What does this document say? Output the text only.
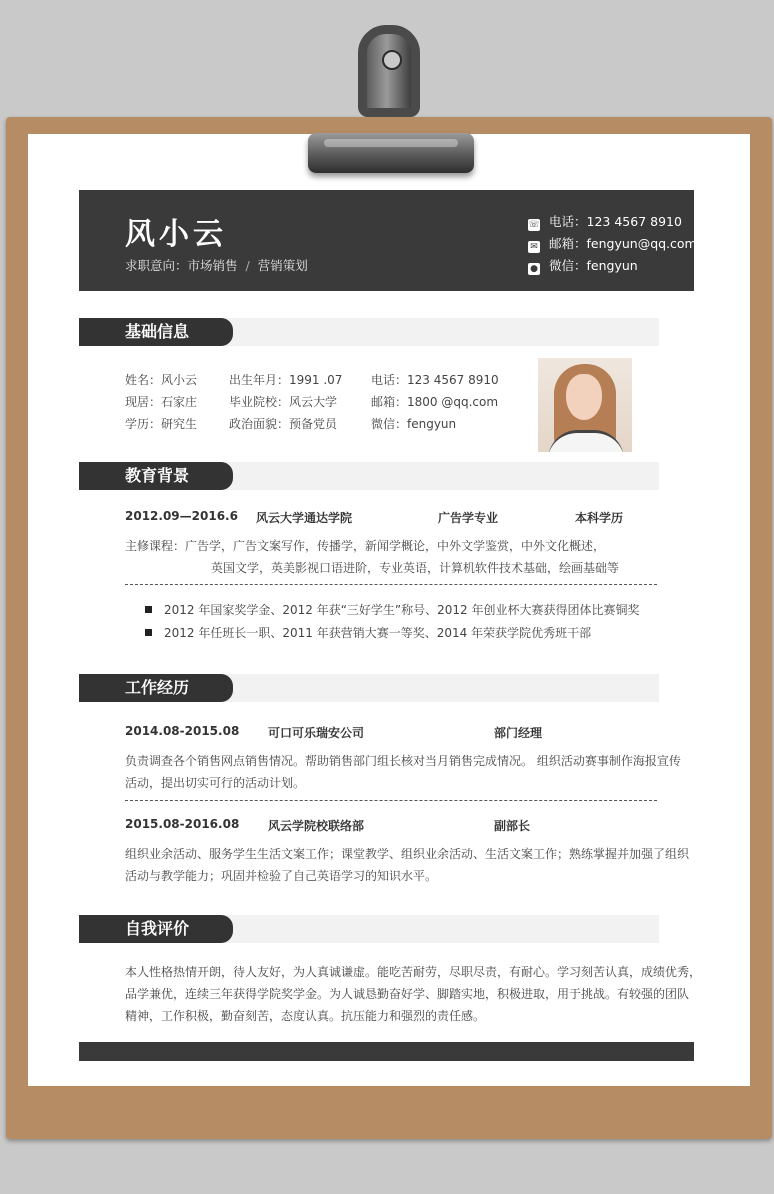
风小云
求职意向：市场销售 / 营销策划
☏ 电话：123 4567 8910
✉ 邮箱：fengyun@qq.com
● 微信：fengyun
基础信息
姓名：风小云	出生年月：1991 .07 电话：123 4567 8910
现居：石家庄	毕业院校：风云大学	邮箱：1800 @qq.com
学历：研究生	政治面貌：预备党员	微信：fengyun
教育背景
2012.09—2016.6 风云大学通达学院	广告学专业	本科学历
主修课程：广告学，广告文案写作，传播学，新闻学概论，中外文学鉴赏，中外文化概述，
英国文学，英美影视口语进阶，专业英语，计算机软件技术基础，绘画基础等
2012 年国家奖学金、2012 年获“三好学生”称号、2012 年创业杯大赛获得团体比赛铜奖
2012 年任班长一职、2011 年获营销大赛一等奖、2014 年荣获学院优秀班干部
工作经历
2014.08-2015.08 可口可乐瑞安公司	部门经理
负责调查各个销售网点销售情况。帮助销售部门组长核对当月销售完成情况。 组织活动赛事制作海报宣传
活动，提出切实可行的活动计划。
2015.08-2016.08 风云学院校联络部	副部长
组织业余活动、服务学生生活文案工作；课堂教学、组织业余活动、生活文案工作；熟练掌握并加强了组织
活动与教学能力；巩固并检验了自己英语学习的知识水平。
自我评价
本人性格热情开朗，待人友好，为人真诚谦虚。能吃苦耐劳，尽职尽责，有耐心。学习刻苦认真，成绩优秀，
品学兼优，连续三年获得学院奖学金。为人诚恳勤奋好学、脚踏实地，积极进取，用于挑战。有较强的团队
精神，工作积极，勤奋刻苦，态度认真。抗压能力和强烈的责任感。
